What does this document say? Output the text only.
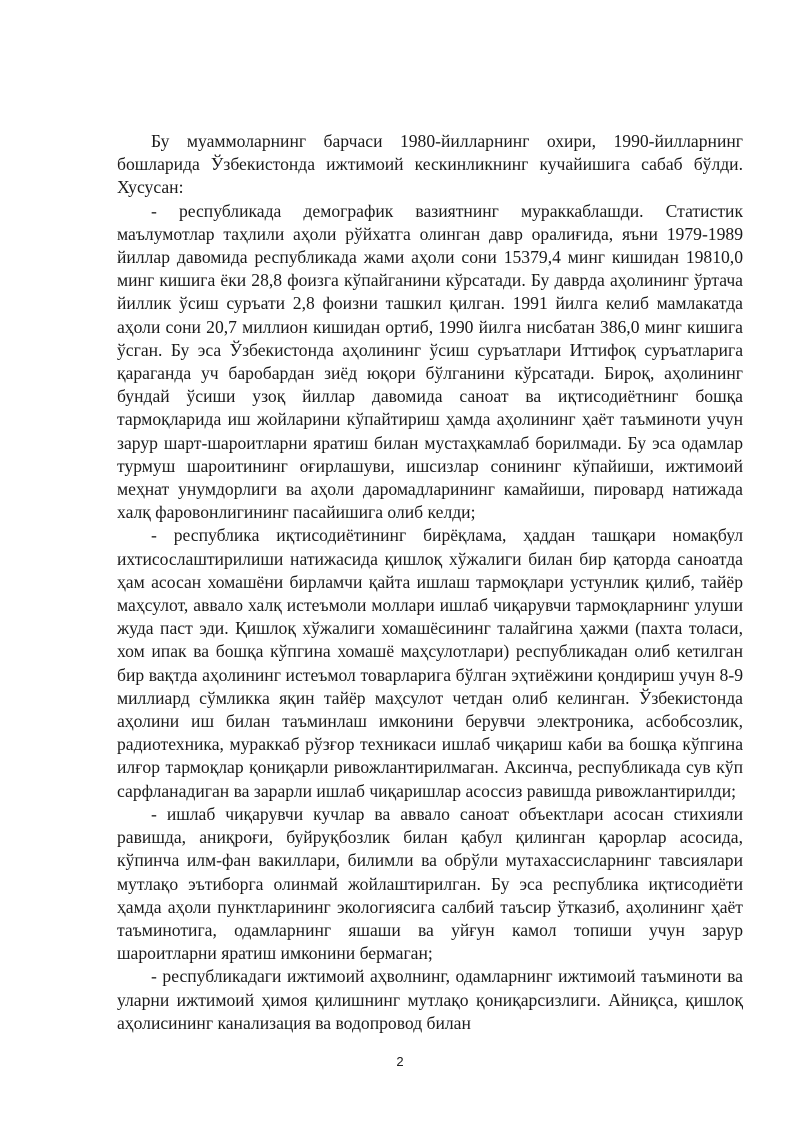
Бу муаммоларнинг барчаси 1980-йилларнинг охири, 1990-йилларнинг бошларида Ўзбекистонда ижтимоий кескинликнинг кучайишига сабаб бўлди. Хусусан:

- республикада демографик вазиятнинг мураккаблашди. Статистик маълумотлар таҳлили аҳоли рўйхатга олинган давр оралиғида, яъни 1979-1989 йиллар давомида республикада жами аҳоли сони 15379,4 минг кишидан 19810,0 минг кишига ёки 28,8 фоизга кўпайганини кўрсатади. Бу даврда аҳолининг ўртача йиллик ўсиш суръати 2,8 фоизни ташкил қилган. 1991 йилга келиб мамлакатда аҳоли сони 20,7 миллион кишидан ортиб, 1990 йилга нисбатан 386,0 минг кишига ўсган. Бу эса Ўзбекистонда аҳолининг ўсиш суръатлари Иттифоқ суръатларига қараганда уч баробардан зиёд юқори бўлганини кўрсатади. Бироқ, аҳолининг бундай ўсиши узоқ йиллар давомида саноат ва иқтисодиётнинг бошқа тармоқларида иш жойларини кўпайтириш ҳамда аҳолининг ҳаёт таъминоти учун зарур шарт-шароитларни яратиш билан мустаҳкамлаб борилмади. Бу эса одамлар турмуш шароитининг оғирлашуви, ишсизлар сонининг кўпайиши, ижтимоий меҳнат унумдорлиги ва аҳоли даромадларининг камайиши, пировард натижада халқ фаровонлигининг пасайишига олиб келди;

- республика иқтисодиётининг бирёқлама, ҳаддан ташқари номақбул ихтисослаштирилиши натижасида қишлоқ хўжалиги билан бир қаторда саноатда ҳам асосан хомашёни бирламчи қайта ишлаш тармоқлари устунлик қилиб, тайёр маҳсулот, аввало халқ истеъмоли моллари ишлаб чиқарувчи тармоқларнинг улуши жуда паст эди. Қишлоқ хўжалиги хомашёсининг талайгина ҳажми (пахта толаси, хом ипак ва бошқа кўпгина хомашё маҳсулотлари) республикадан олиб кетилган бир вақтда аҳолининг истеъмол товарларига бўлган эҳтиёжини қондириш учун 8-9 миллиард сўмликка яқин тайёр маҳсулот четдан олиб келинган. Ўзбекистонда аҳолини иш билан таъминлаш имконини берувчи электроника, асбобсозлик, радиотехника, мураккаб рўзғор техникаси ишлаб чиқариш каби ва бошқа кўпгина илғор тармоқлар қониқарли ривожлантирилмаган. Аксинча, республикада сув кўп сарфланадиган ва зарарли ишлаб чиқаришлар асоссиз равишда ривожлантирилди;

- ишлаб чиқарувчи кучлар ва аввало саноат объектлари асосан стихияли равишда, аниқроғи, буйруқбозлик билан қабул қилинган қарорлар асосида, кўпинча илм-фан вакиллари, билимли ва обрўли мутахассисларнинг тавсиялари мутлақо эътиборга олинмай жойлаштирилган. Бу эса республика иқтисодиёти ҳамда аҳоли пунктларининг экологиясига салбий таъсир ўтказиб, аҳолининг ҳаёт таъминотига, одамларнинг яшаши ва уйғун камол топиши учун зарур шароитларни яратиш имконини бермаган;

- республикадаги ижтимоий аҳволнинг, одамларнинг ижтимоий таъминоти ва уларни ижтимоий ҳимоя қилишнинг мутлақо қониқарсизлиги. Айниқса, қишлоқ аҳолисининг канализация ва водопровод билан

2
